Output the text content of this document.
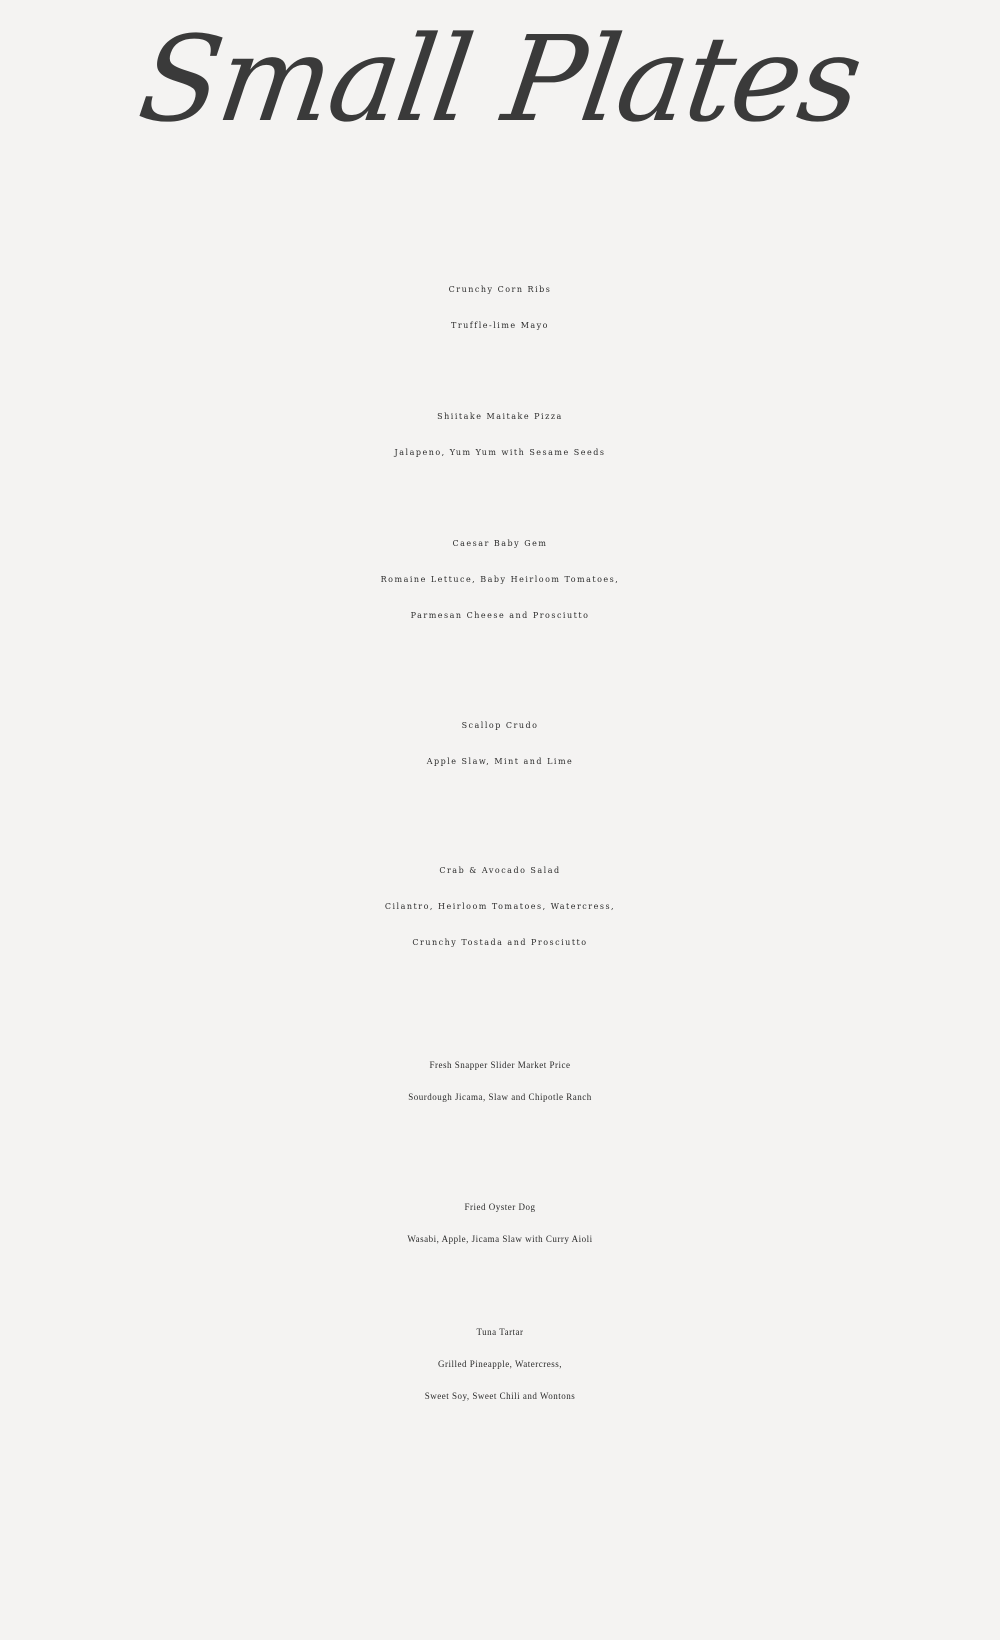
Small Plates
Crunchy Corn Ribs
Truffle-lime Mayo
Shiitake Maitake Pizza
Jalapeno, Yum Yum with Sesame Seeds
Caesar Baby Gem
Romaine Lettuce, Baby Heirloom Tomatoes,
Parmesan Cheese and Prosciutto
Scallop Crudo
Apple Slaw, Mint and Lime
Crab & Avocado Salad
Cilantro, Heirloom Tomatoes, Watercress,
Crunchy Tostada and Prosciutto
Fresh Snapper Slider Market Price
Sourdough Jicama, Slaw and Chipotle Ranch
Fried Oyster Dog
Wasabi, Apple, Jicama Slaw with Curry Aioli
Tuna Tartar
Grilled Pineapple, Watercress,
Sweet Soy, Sweet Chili and Wontons
